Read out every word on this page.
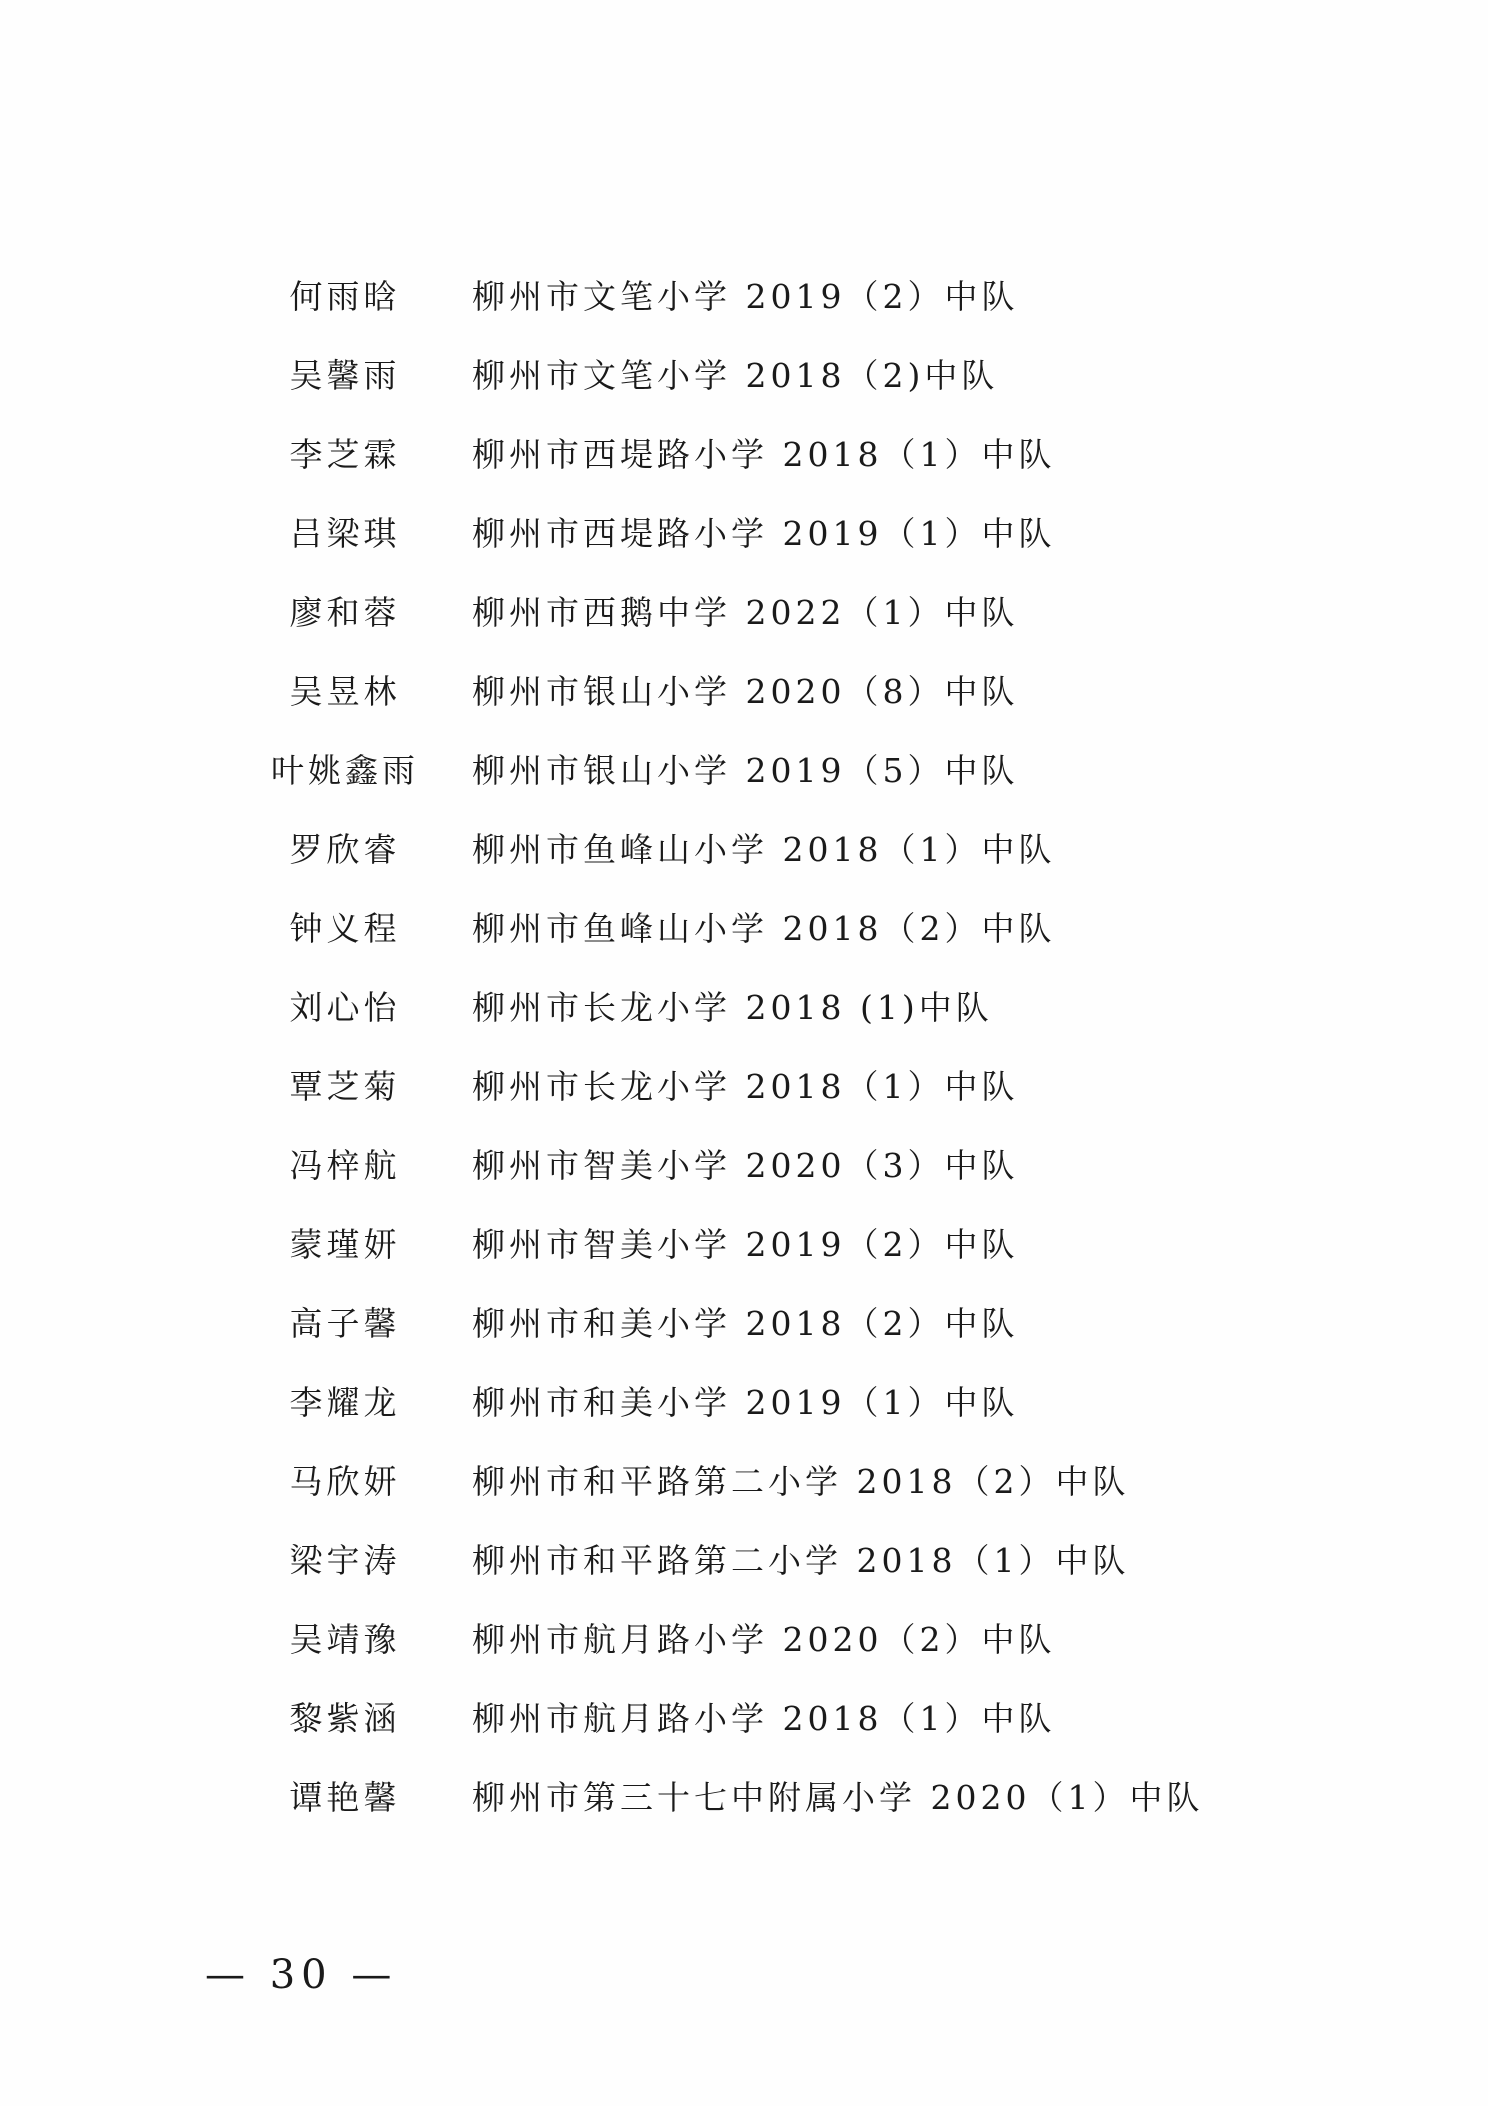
何雨晗	柳州市文笔小学 2019（2）中队
吴馨雨	柳州市文笔小学 2018（2)中队
李芝霖	柳州市西堤路小学 2018（1）中队
吕梁琪	柳州市西堤路小学 2019（1）中队
廖和蓉	柳州市西鹅中学 2022（1）中队
吴昱林	柳州市银山小学 2020（8）中队
叶姚鑫雨	柳州市银山小学 2019（5）中队
罗欣睿	柳州市鱼峰山小学 2018（1）中队
钟义程	柳州市鱼峰山小学 2018（2）中队
刘心怡	柳州市长龙小学 2018 (1)中队
覃芝菊	柳州市长龙小学 2018（1）中队
冯梓航	柳州市智美小学 2020（3）中队
蒙瑾妍	柳州市智美小学 2019（2）中队
高子馨	柳州市和美小学 2018（2）中队
李耀龙	柳州市和美小学 2019（1）中队
马欣妍	柳州市和平路第二小学 2018（2）中队
梁宇涛	柳州市和平路第二小学 2018（1）中队
吴靖豫	柳州市航月路小学 2020（2）中队
黎紫涵	柳州市航月路小学 2018（1）中队
谭艳馨	柳州市第三十七中附属小学 2020（1）中队
— 30 —
